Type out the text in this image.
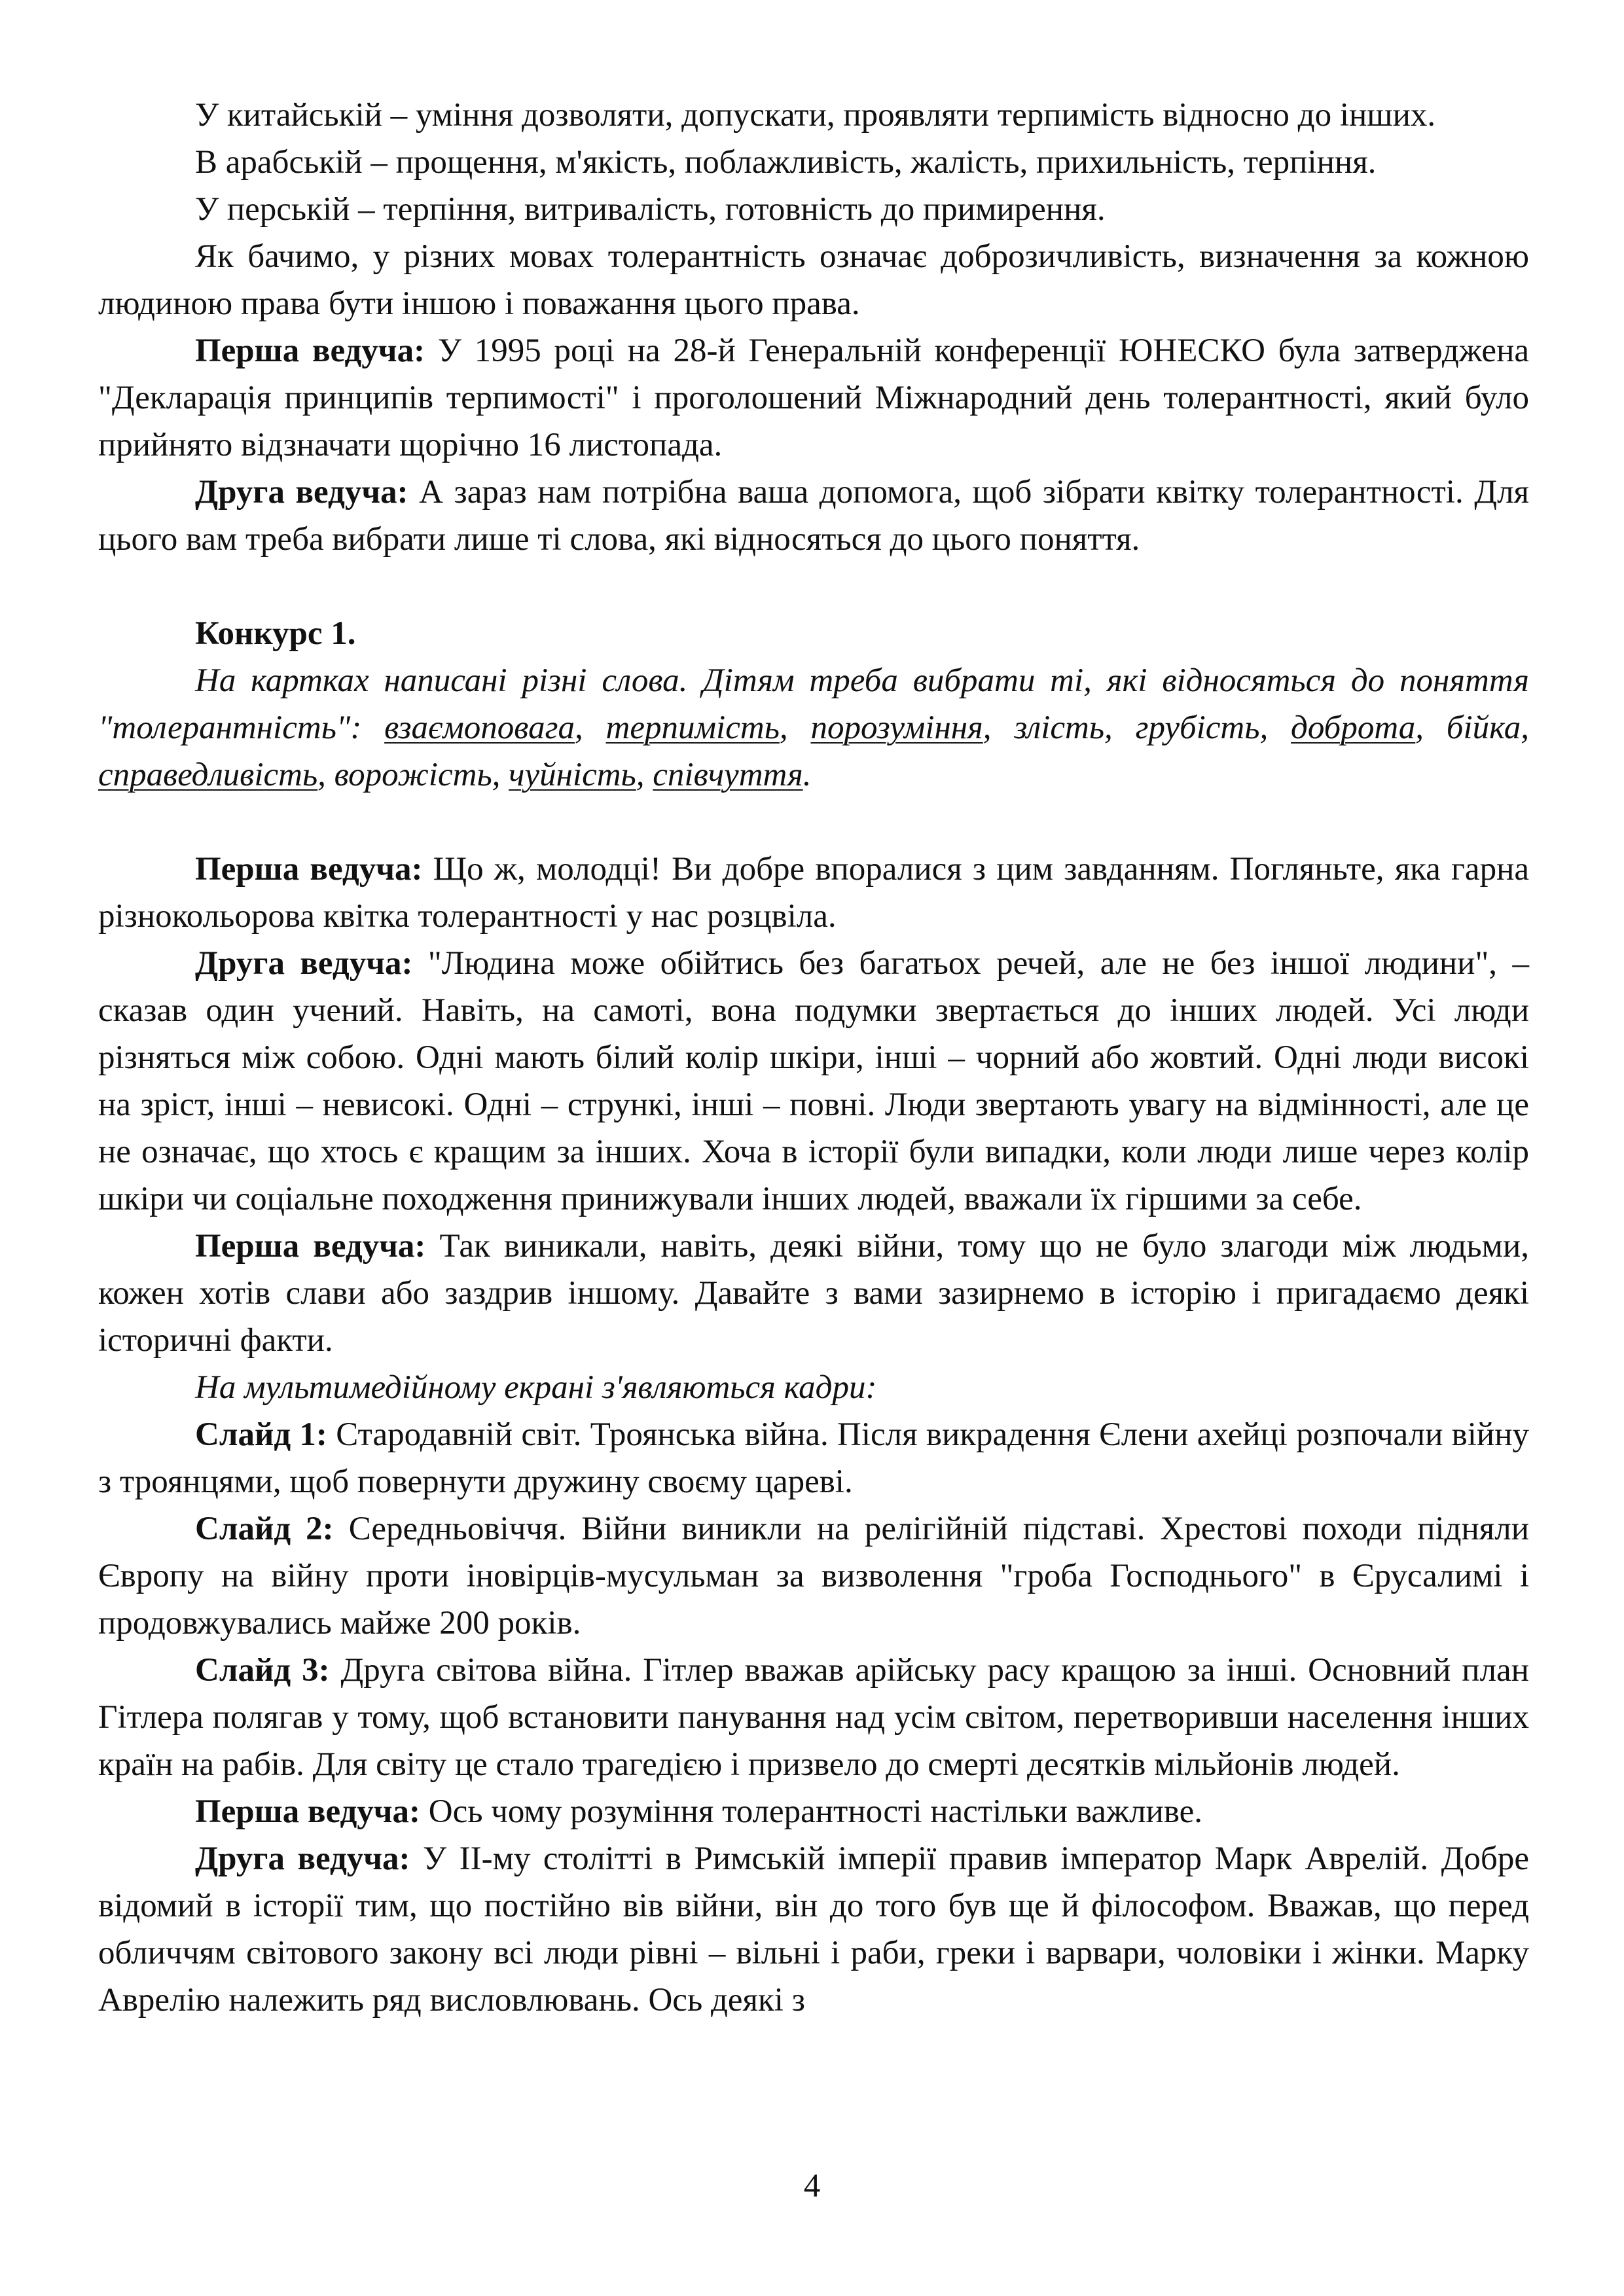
У китайській – уміння дозволяти, допускати, проявляти терпимість відносно до інших.

В арабській – прощення, м'якість, поблажливість, жалість, прихильність, терпіння.

У перській – терпіння, витривалість, готовність до примирення.

Як бачимо, у різних мовах толерантність означає доброзичливість, визначення за кожною людиною права бути іншою і поважання цього права.

Перша ведуча: У 1995 році на 28-й Генеральній конференції ЮНЕСКО була затверджена "Декларація принципів терпимості" і проголошений Міжнародний день толерантності, який було прийнято відзначати щорічно 16 листопада.

Друга ведуча: А зараз нам потрібна ваша допомога, щоб зібрати квітку толерантності. Для цього вам треба вибрати лише ті слова, які відносяться до цього поняття.

Конкурс 1.

На картках написані різні слова. Дітям треба вибрати ті, які відносяться до поняття "толерантність": взаємоповага, терпимість, порозуміння, злість, грубість, доброта, бійка, справедливість, ворожість, чуйність, співчуття.

Перша ведуча: Що ж, молодці! Ви добре впоралися з цим завданням. Погляньте, яка гарна різнокольорова квітка толерантності у нас розцвіла.

Друга ведуча: "Людина може обійтись без багатьох речей, але не без іншої людини", – сказав один учений. Навіть, на самоті, вона подумки звертається до інших людей. Усі люди різняться між собою. Одні мають білий колір шкіри, інші – чорний або жовтий. Одні люди високі на зріст, інші – невисокі. Одні – стрункі, інші – повні. Люди звертають увагу на відмінності, але це не означає, що хтось є кращим за інших. Хоча в історії були випадки, коли люди лише через колір шкіри чи соціальне походження принижували інших людей, вважали їх гіршими за себе.

Перша ведуча: Так виникали, навіть, деякі війни, тому що не було злагоди між людьми, кожен хотів слави або заздрив іншому. Давайте з вами зазирнемо в історію і пригадаємо деякі історичні факти.

На мультимедійному екрані з'являються кадри:

Слайд 1: Стародавній світ. Троянська війна. Після викрадення Єлени ахейці розпочали війну з троянцями, щоб повернути дружину своєму цареві.

Слайд 2: Середньовіччя. Війни виникли на релігійній підставі. Хрестові походи підняли Європу на війну проти іновірців-мусульман за визволення "гроба Господнього" в Єрусалимі і продовжувались майже 200 років.

Слайд 3: Друга світова війна. Гітлер вважав арійську расу кращою за інші. Основний план Гітлера полягав у тому, щоб встановити панування над усім світом, перетворивши населення інших країн на рабів. Для світу це стало трагедією і призвело до смерті десятків мільйонів людей.

Перша ведуча: Ось чому розуміння толерантності настільки важливе.

Друга ведуча: У ІІ-му столітті в Римській імперії правив імператор Марк Аврелій. Добре відомий в історії тим, що постійно вів війни, він до того був ще й філософом. Вважав, що перед обличчям світового закону всі люди рівні – вільні і раби, греки і варвари, чоловіки і жінки. Марку Аврелію належить ряд висловлювань. Ось деякі з

4
